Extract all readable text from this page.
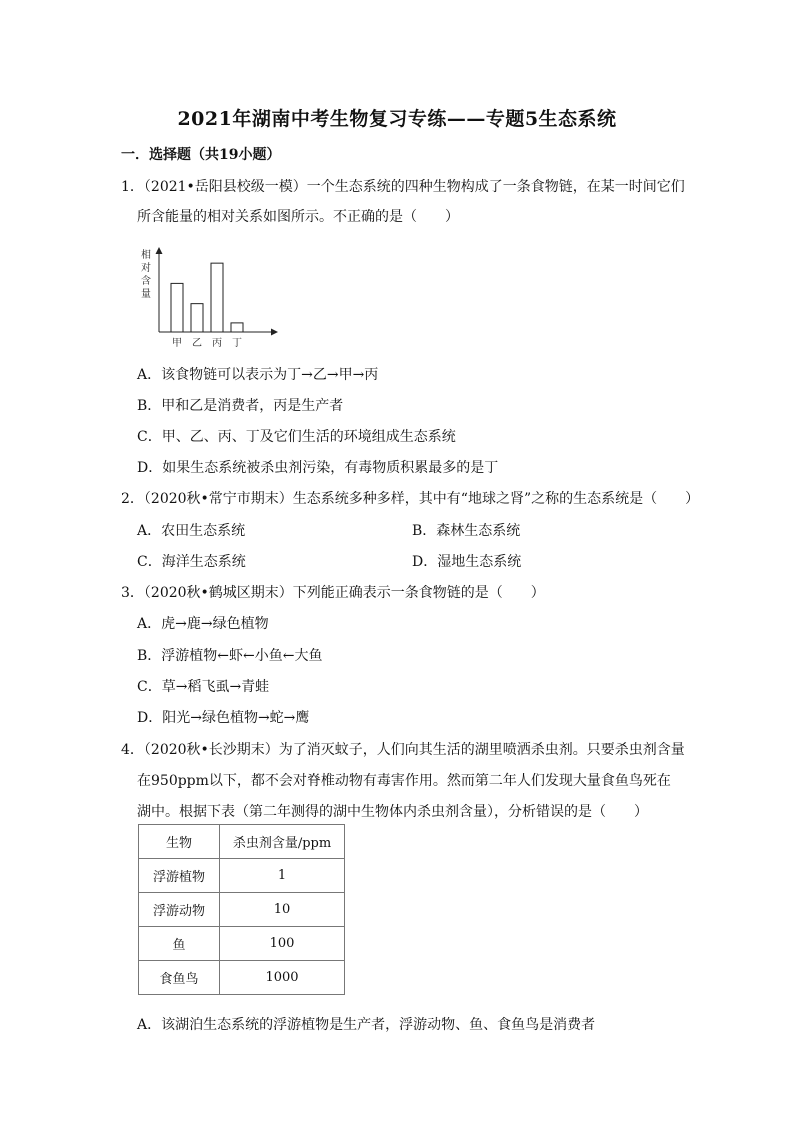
2021年湖南中考生物复习专练——专题5生态系统
一．选择题（共19小题）
1．（2021•岳阳县校级一模）一个生态系统的四种生物构成了一条食物链，在某一时间它们
所含能量的相对关系如图所示。不正确的是（　　）
相
对
含
量
甲 乙 丙 丁
A．该食物链可以表示为丁→乙→甲→丙
B．甲和乙是消费者，丙是生产者
C．甲、乙、丙、丁及它们生活的环境组成生态系统
D．如果生态系统被杀虫剂污染，有毒物质积累最多的是丁
2．（2020秋•常宁市期末）生态系统多种多样，其中有“地球之肾”之称的生态系统是（　　）
A．农田生态系统	B．森林生态系统
C．海洋生态系统	D．湿地生态系统
3．（2020秋•鹤城区期末）下列能正确表示一条食物链的是（　　）
A．虎→鹿→绿色植物
B．浮游植物←虾←小鱼←大鱼
C．草→稻飞虱→青蛙
D．阳光→绿色植物→蛇→鹰
4．（2020秋•长沙期末）为了消灭蚊子，人们向其生活的湖里喷洒杀虫剂。只要杀虫剂含量
在950ppm以下，都不会对脊椎动物有毒害作用。然而第二年人们发现大量食鱼鸟死在
湖中。根据下表（第二年测得的湖中生物体内杀虫剂含量），分析错误的是（　　）
生物	杀虫剂含量/ppm
浮游植物	1
浮游动物	10
鱼	100
食鱼鸟	1000
A．该湖泊生态系统的浮游植物是生产者，浮游动物、鱼、食鱼鸟是消费者
